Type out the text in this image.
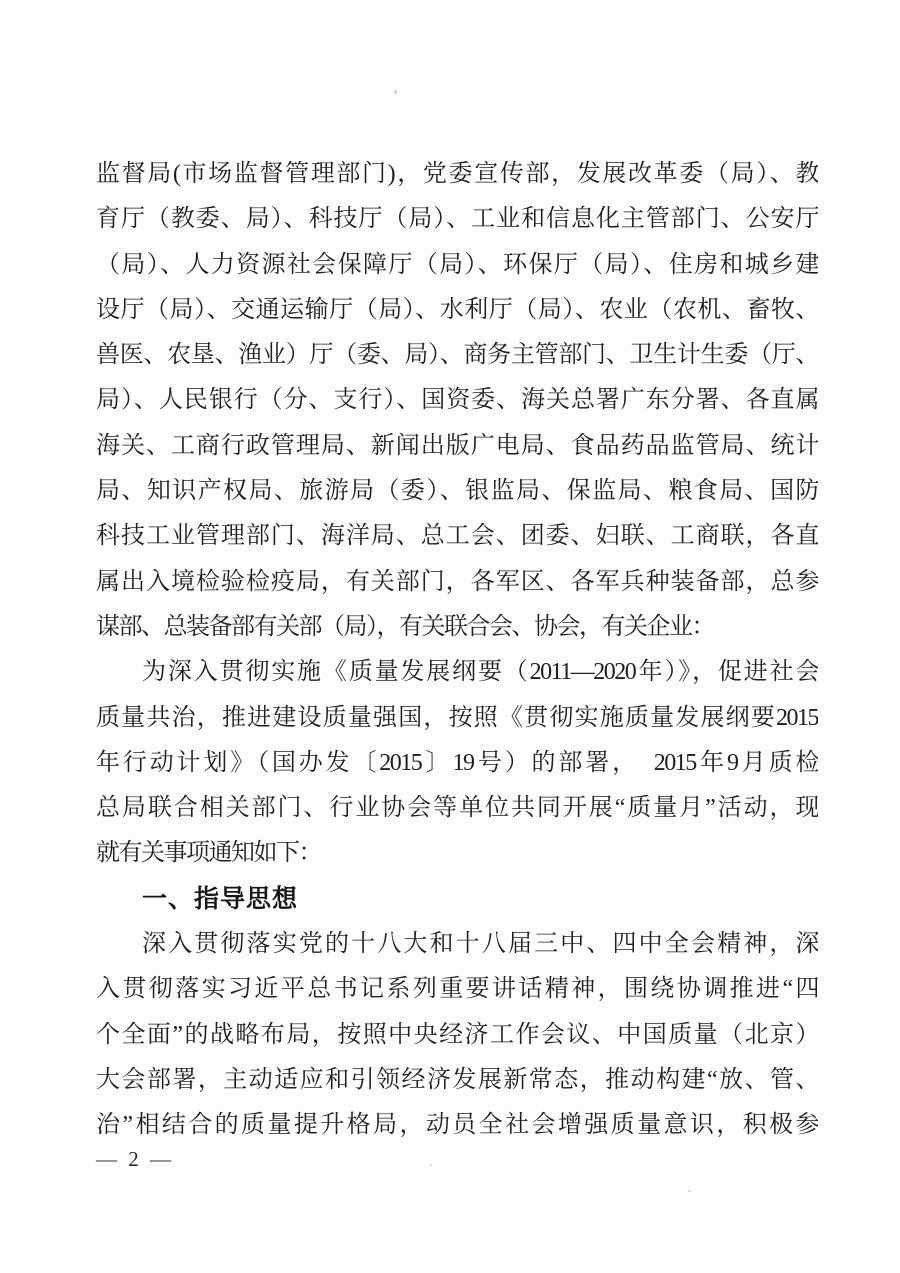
监督局(市场监督管理部门)，党委宣传部，发展改革委（局）、教
育厅（教委、局）、科技厅（局）、工业和信息化主管部门、公安厅
（局）、人力资源社会保障厅（局）、环保厅（局）、住房和城乡建
设厅（局）、交通运输厅（局）、水利厅（局）、农业（农机、畜牧、
兽医、农垦、渔业）厅（委、局）、商务主管部门、卫生计生委（厅、
局）、人民银行（分、支行）、国资委、海关总署广东分署、各直属
海关、工商行政管理局、新闻出版广电局、食品药品监管局、统计
局、知识产权局、旅游局（委）、银监局、保监局、粮食局、国防
科技工业管理部门、海洋局、总工会、团委、妇联、工商联，各直
属出入境检验检疫局，有关部门，各军区、各军兵种装备部，总参
谋部、总装备部有关部（局），有关联合会、协会，有关企业：
为深入贯彻实施《质量发展纲要（2011—2020年）》，促进社会
质量共治，推进建设质量强国，按照《贯彻实施质量发展纲要2015
年行动计划》（国办发〔2015〕19号）的部署，　2015年9月质检
总局联合相关部门、行业协会等单位共同开展“质量月”活动，现
就有关事项通知如下：
一、指导思想
深入贯彻落实党的十八大和十八届三中、四中全会精神，深
入贯彻落实习近平总书记系列重要讲话精神，围绕协调推进“四
个全面”的战略布局，按照中央经济工作会议、中国质量（北京）
大会部署，主动适应和引领经济发展新常态，推动构建“放、管、
治”相结合的质量提升格局，动员全社会增强质量意识，积极参
— 2 —
